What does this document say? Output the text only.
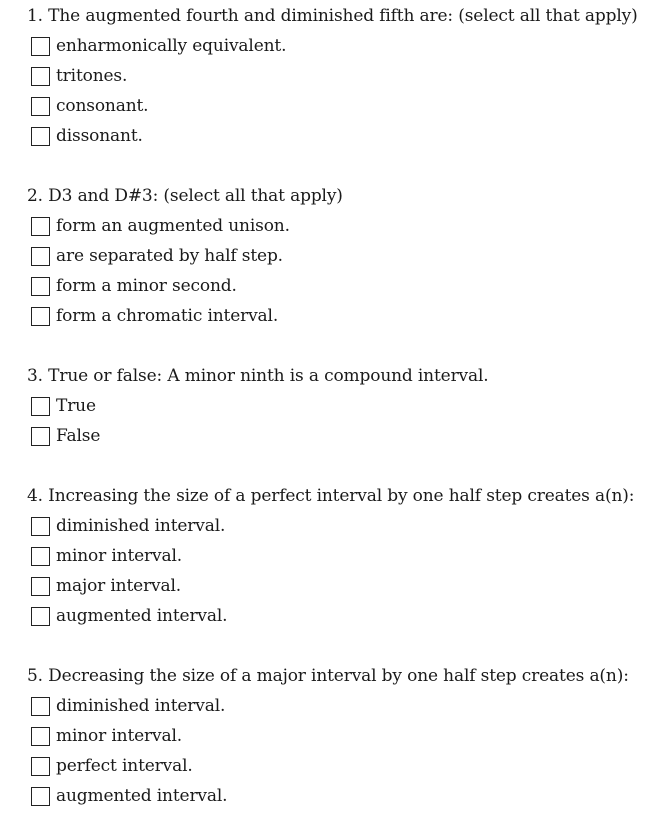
1. The augmented fourth and diminished fifth are: (select all that apply)

enharmonically equivalent.
tritones.
consonant.
dissonant.

2. D3 and D#3: (select all that apply)

form an augmented unison.
are separated by half step.
form a minor second.
form a chromatic interval.

3. True or false: A minor ninth is a compound interval.

True
False

4. Increasing the size of a perfect interval by one half step creates a(n):

diminished interval.
minor interval.
major interval.
augmented interval.

5. Decreasing the size of a major interval by one half step creates a(n):

diminished interval.
minor interval.
perfect interval.
augmented interval.
